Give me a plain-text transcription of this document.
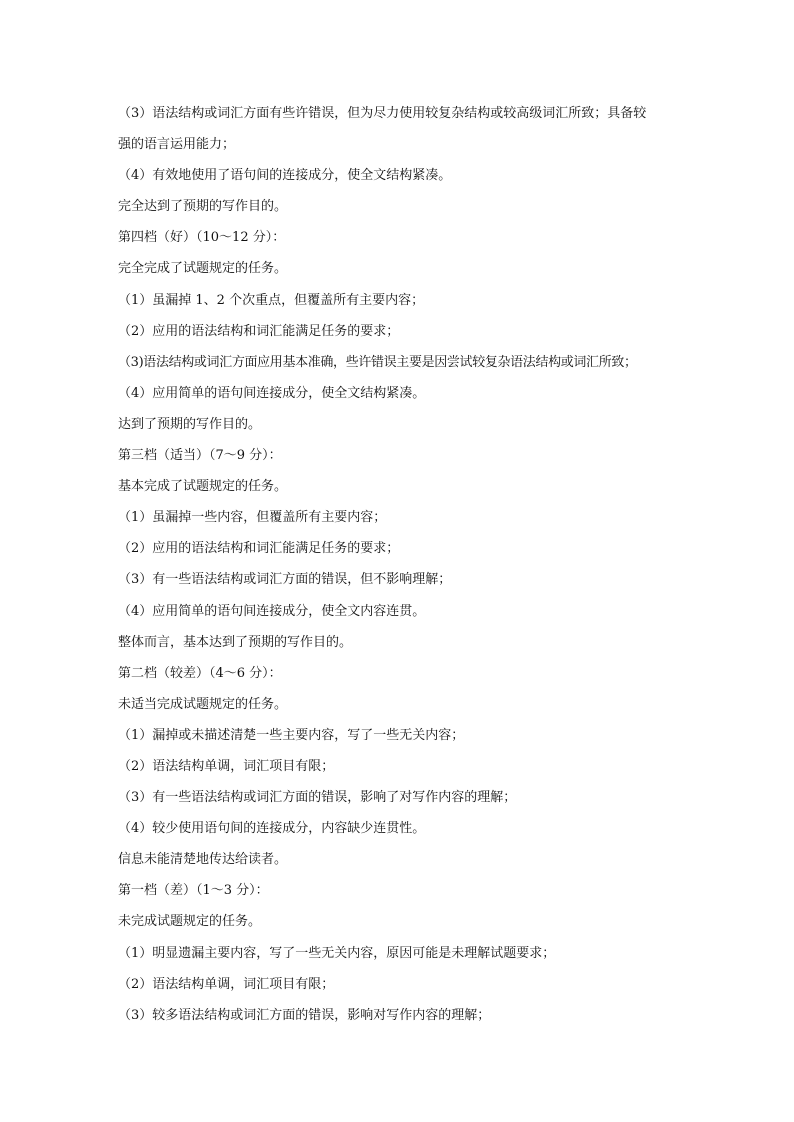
（3）语法结构或词汇方面有些许错误，但为尽力使用较复杂结构或较高级词汇所致；具备较

强的语言运用能力；

（4）有效地使用了语句间的连接成分，使全文结构紧凑。

完全达到了预期的写作目的。

第四档（好）（10～12 分）：

完全完成了试题规定的任务。

（1）虽漏掉 1、2 个次重点，但覆盖所有主要内容；

（2）应用的语法结构和词汇能满足任务的要求；

（3)语法结构或词汇方面应用基本准确，些许错误主要是因尝试较复杂语法结构或词汇所致；

（4）应用简单的语句间连接成分，使全文结构紧凑。

达到了预期的写作目的。

第三档（适当）（7～9 分）：

基本完成了试题规定的任务。

（1）虽漏掉一些内容，但覆盖所有主要内容；

（2）应用的语法结构和词汇能满足任务的要求；

（3）有一些语法结构或词汇方面的错误，但不影响理解；

（4）应用简单的语句间连接成分，使全文内容连贯。

整体而言，基本达到了预期的写作目的。

第二档（较差）（4～6 分）：

未适当完成试题规定的任务。

（1）漏掉或未描述清楚一些主要内容，写了一些无关内容；

（2）语法结构单调，词汇项目有限；

（3）有一些语法结构或词汇方面的错误，影响了对写作内容的理解；

（4）较少使用语句间的连接成分，内容缺少连贯性。

信息未能清楚地传达给读者。

第一档（差）（1～3 分）：

未完成试题规定的任务。

（1）明显遗漏主要内容，写了一些无关内容，原因可能是未理解试题要求；

（2）语法结构单调，词汇项目有限；

（3）较多语法结构或词汇方面的错误，影响对写作内容的理解；
